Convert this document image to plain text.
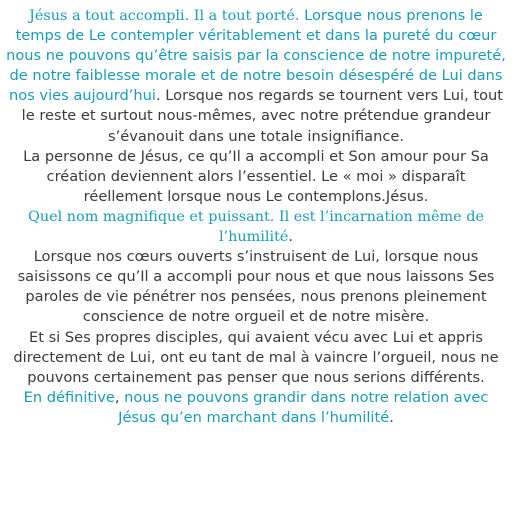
Jésus a tout accompli. Il a tout porté. Lorsque nous prenons le temps de Le contempler véritablement et dans la pureté du cœur nous ne pouvons qu’être saisis par la conscience de notre impureté, de notre faiblesse morale et de notre besoin désespéré de Lui dans nos vies aujourd’hui. Lorsque nos regards se tournent vers Lui, tout le reste et surtout nous-mêmes, avec notre prétendue grandeur s’évanouit dans une totale insignifiance.

La personne de Jésus, ce qu’Il a accompli et Son amour pour Sa création deviennent alors l’essentiel. Le « moi » disparaît réellement lorsque nous Le contemplons.Jésus.

Quel nom magnifique et puissant. Il est l’incarnation même de l’humilité.

Lorsque nos cœurs ouverts s’instruisent de Lui, lorsque nous saisissons ce qu’Il a accompli pour nous et que nous laissons Ses paroles de vie pénétrer nos pensées, nous prenons pleinement conscience de notre orgueil et de notre misère.

Et si Ses propres disciples, qui avaient vécu avec Lui et appris directement de Lui, ont eu tant de mal à vaincre l’orgueil, nous ne pouvons certainement pas penser que nous serions différents.

En définitive, nous ne pouvons grandir dans notre relation avec Jésus qu’en marchant dans l’humilité.
